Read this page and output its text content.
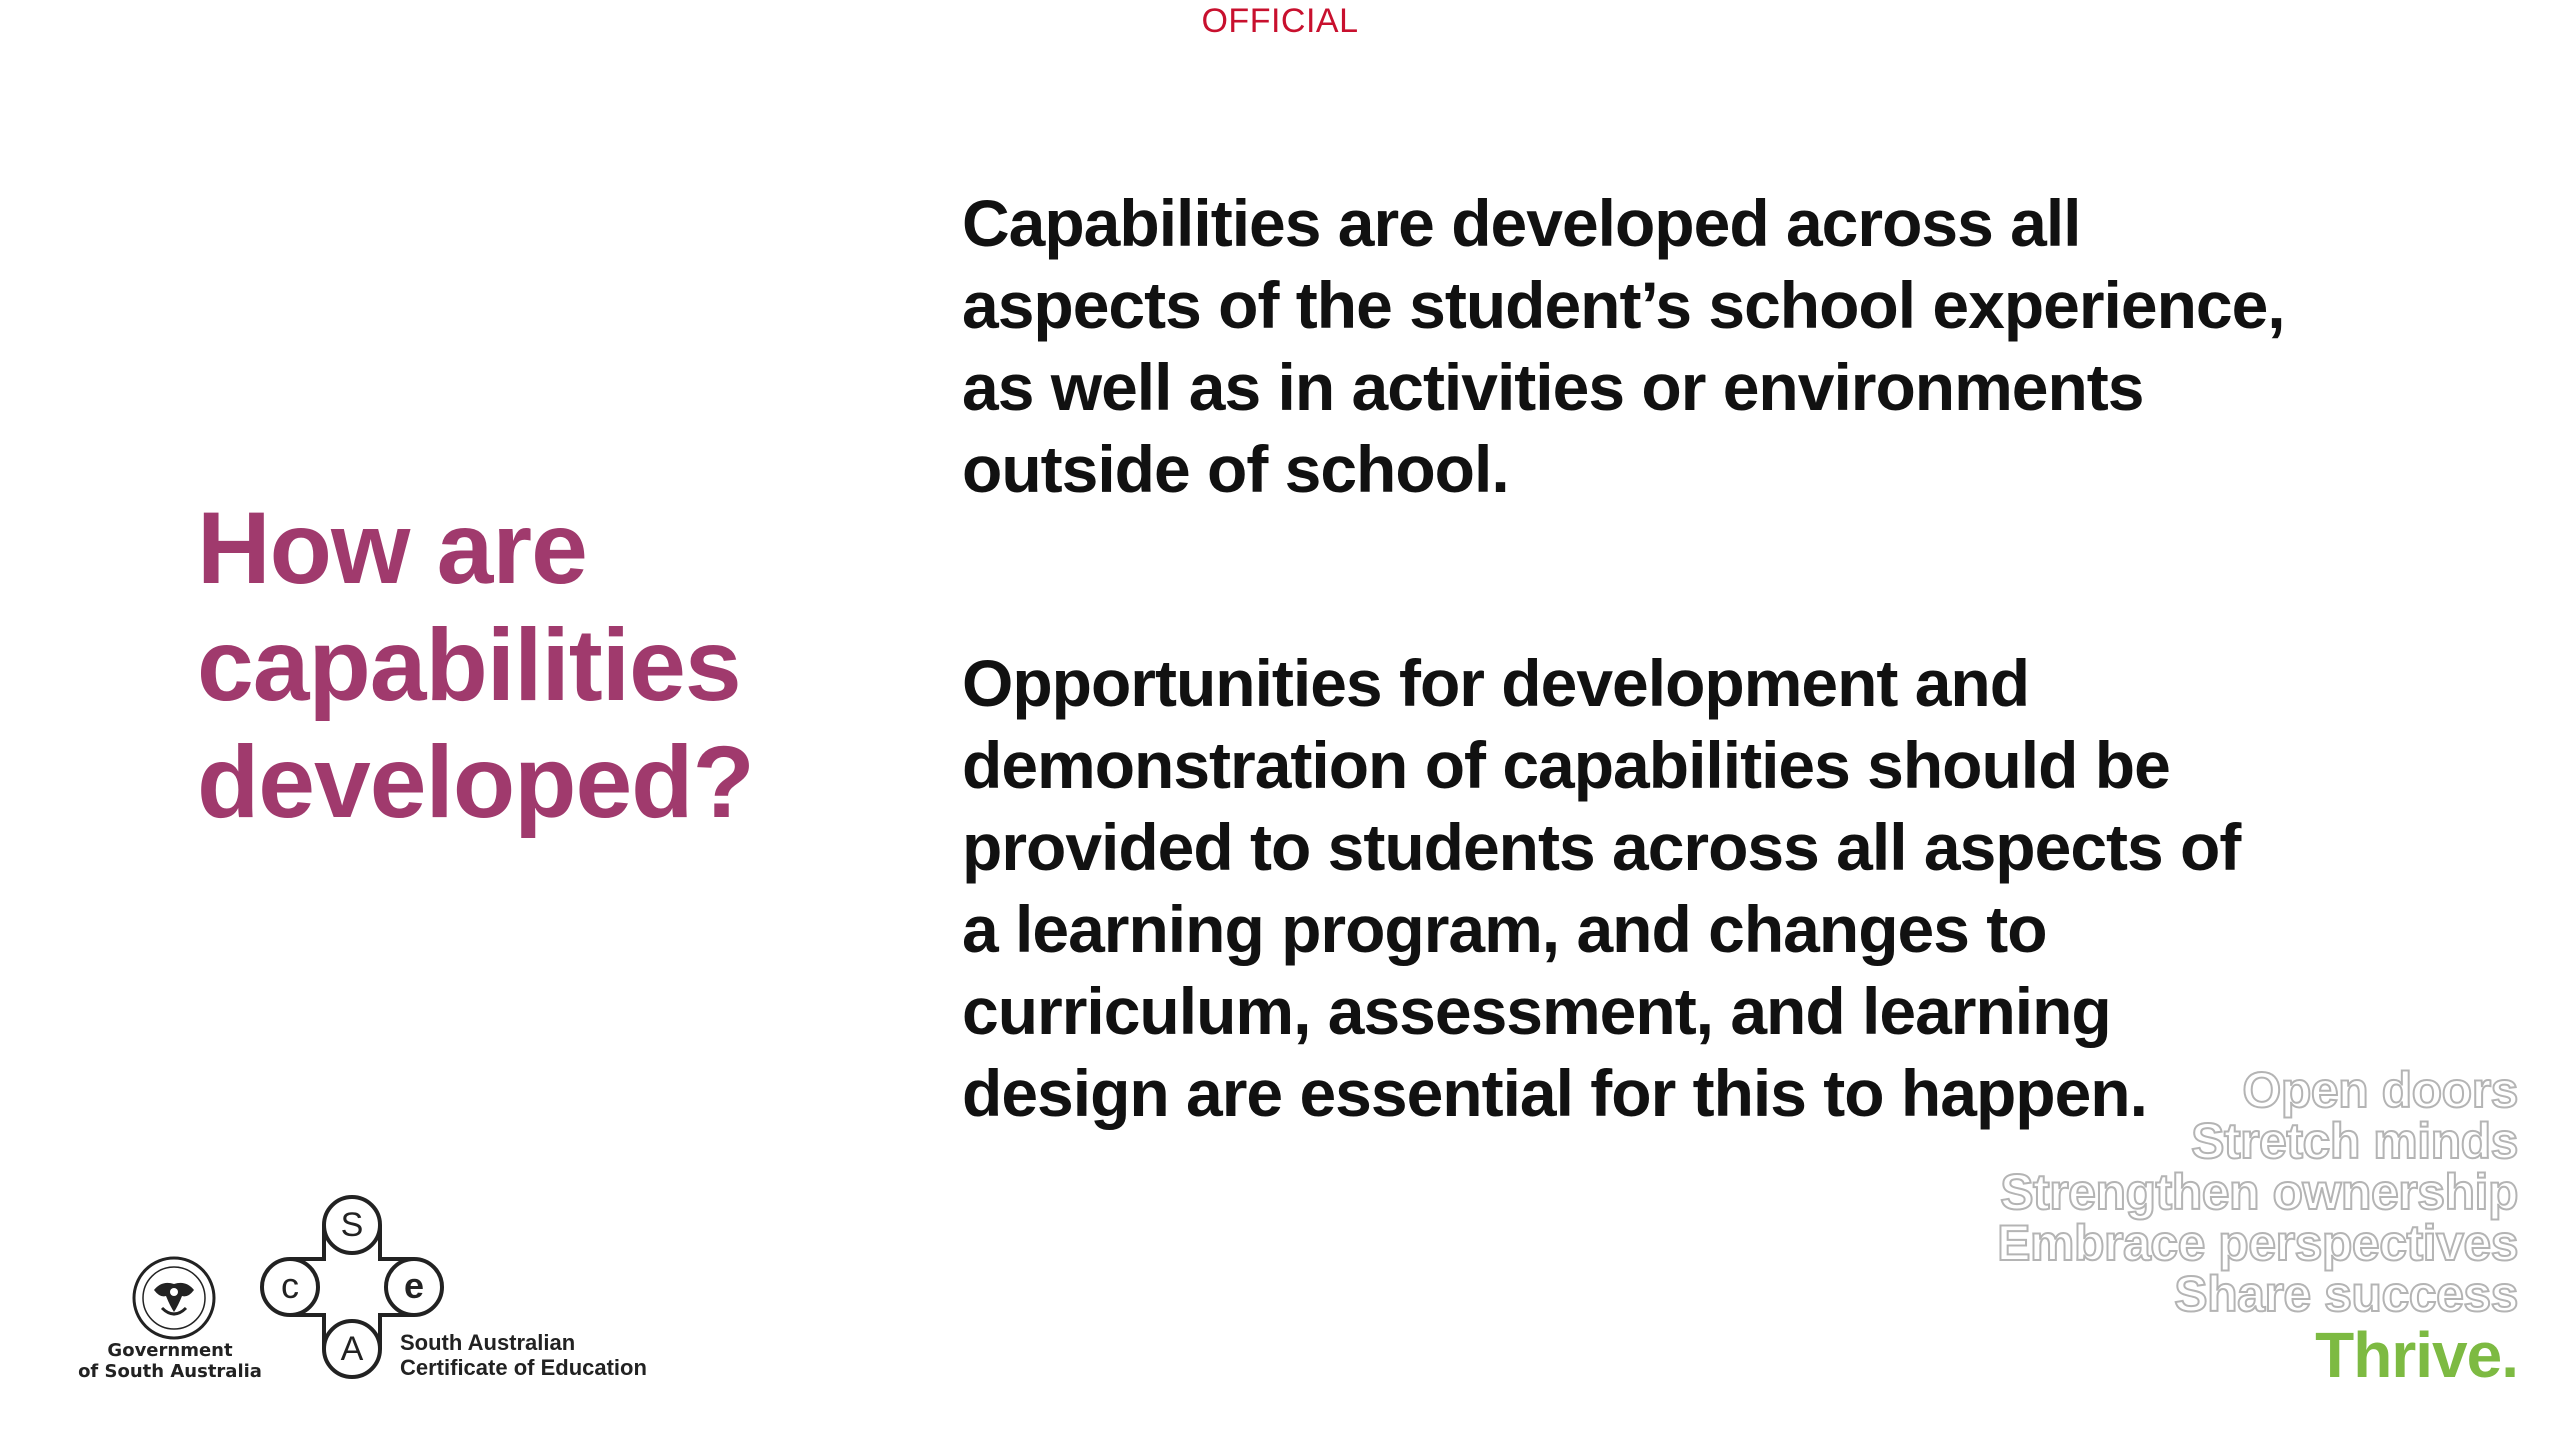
OFFICIAL
How are
capabilities
developed?
Capabilities are developed across all
aspects of the student’s school experience,
as well as in activities or environments
outside of school.
Opportunities for development and
demonstration of capabilities should be
provided to students across all aspects of
a learning program, and changes to
curriculum, assessment, and learning
design are essential for this to happen.	Open doors
Stretch minds
Strengthen ownership
Embrace perspectives
Share success
Thrive.
Government
of South Australia
S
c	e
A South Australian
Certificate of Education
